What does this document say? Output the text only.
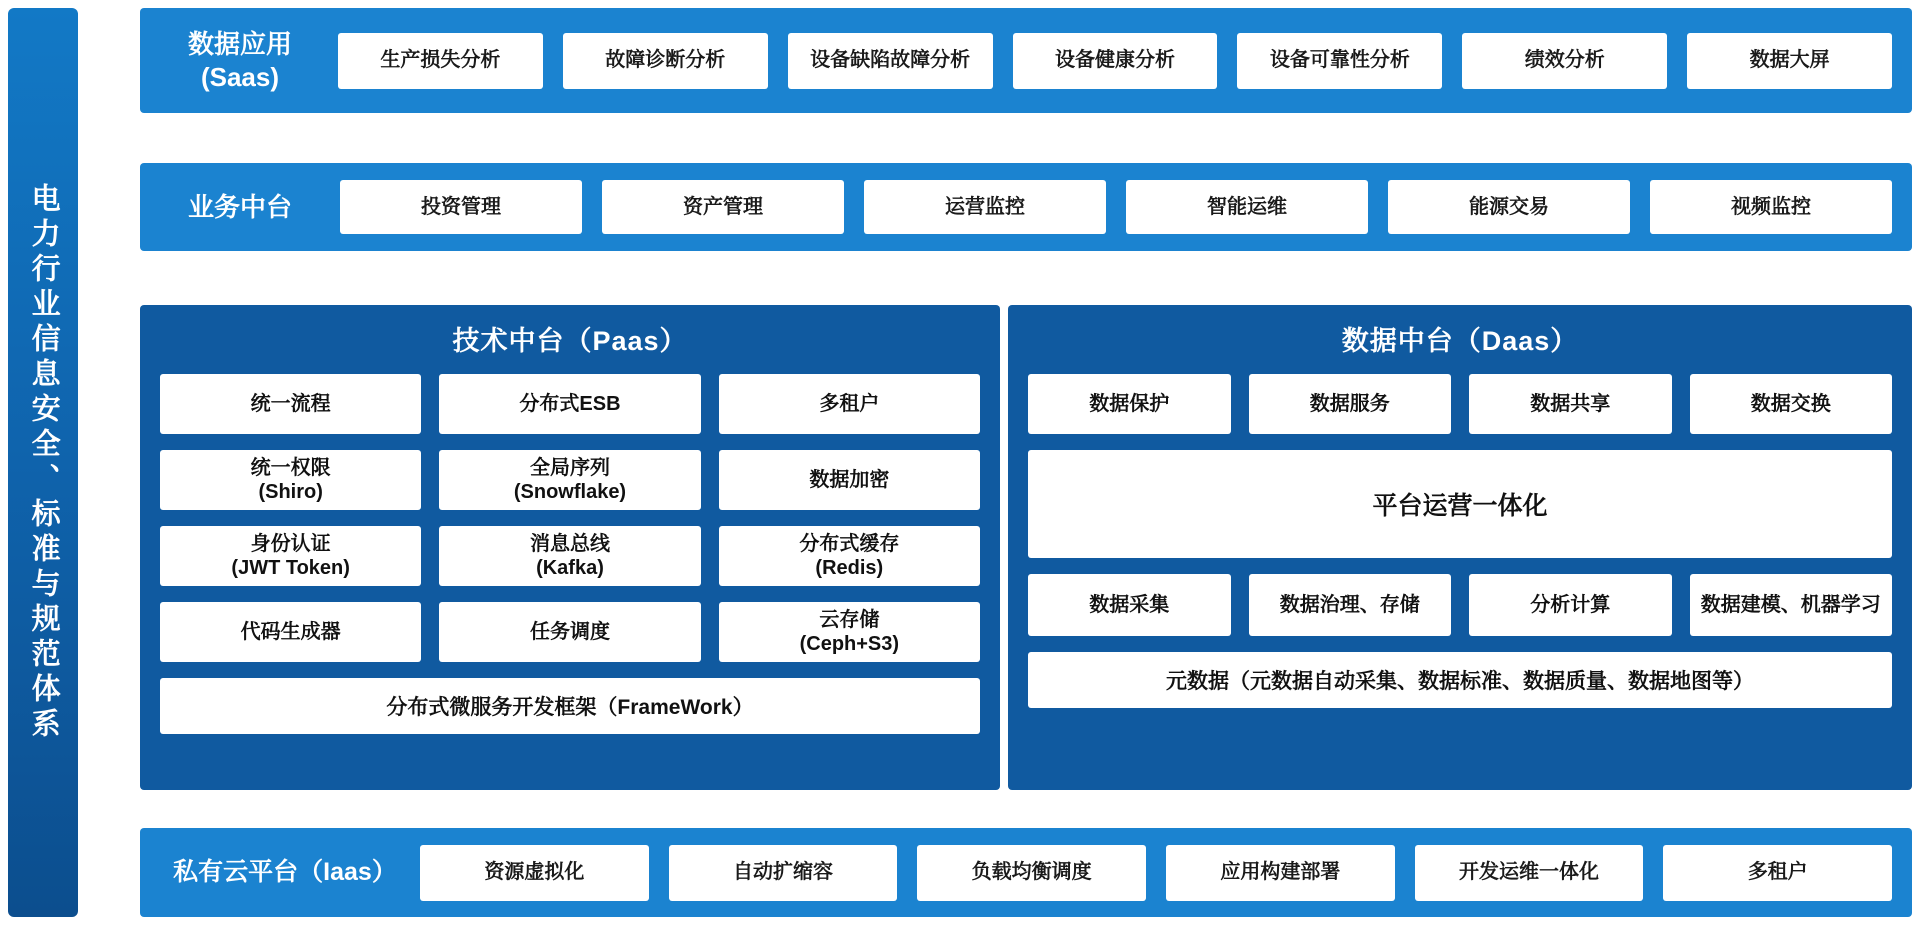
电力行业信息安全、标准与规范体系
数据应用
(Saas)
生产损失分析	故障诊断分析	设备缺陷故障分析	设备健康分析	设备可靠性分析	绩效分析	数据大屏
业务中台	投资管理	资产管理	运营监控	智能运维	能源交易	视频监控
技术中台（Paas）
统一流程	分布式ESB	多租户
统一权限
(Shiro)
全局序列
(Snowflake)
数据加密
身份认证
(JWT Token)
消息总线
(Kafka)
分布式缓存
(Redis)
代码生成器	任务调度
云存储
(Ceph+S3)
分布式微服务开发框架（FrameWork）
数据中台（Daas）
数据保护	数据服务	数据共享	数据交换
平台运营一体化
数据采集	数据治理、存储	分析计算	数据建模、机器学习
元数据（元数据自动采集、数据标准、数据质量、数据地图等）
私有云平台（Iaas）	资源虚拟化	自动扩缩容	负载均衡调度	应用构建部署	开发运维一体化	多租户
